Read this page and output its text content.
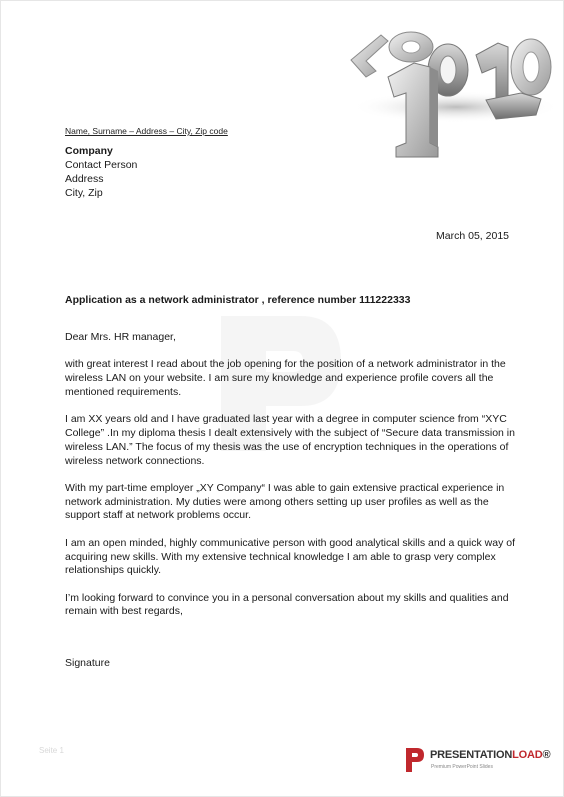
Name, Surname – Address – City, Zip code
Company
Contact Person
Address
City, Zip
March 05, 2015
Application as a network administrator , reference number 111222333

Dear Mrs. HR manager,

with great interest I read about the job opening for the position of a network administrator in the wireless LAN on your website. I am sure my knowledge and experience profile covers all the mentioned requirements.

I am XX years old and I have graduated last year with a degree in computer science from “XYC College” .In my diploma thesis I dealt extensively with the subject of “Secure data transmission in wireless LAN.” The focus of my thesis was the use of encryption techniques in the operations of wireless network connections.

With my part-time employer „XY Company“ I was able to gain extensive practical experience in network administration. My duties were among others setting up user profiles as well as the support staff at network problems occur.

I am an open minded, highly communicative person with good analytical skills and a quick way of acquiring new skills. With my extensive technical knowledge I am able to grasp very complex relationships quickly.

I’m looking forward to convince you in a personal conversation about my skills and qualities and remain with best regards,

Signature
Seite 1	PRESENTATIONLOAD®
Premium PowerPoint Slides
